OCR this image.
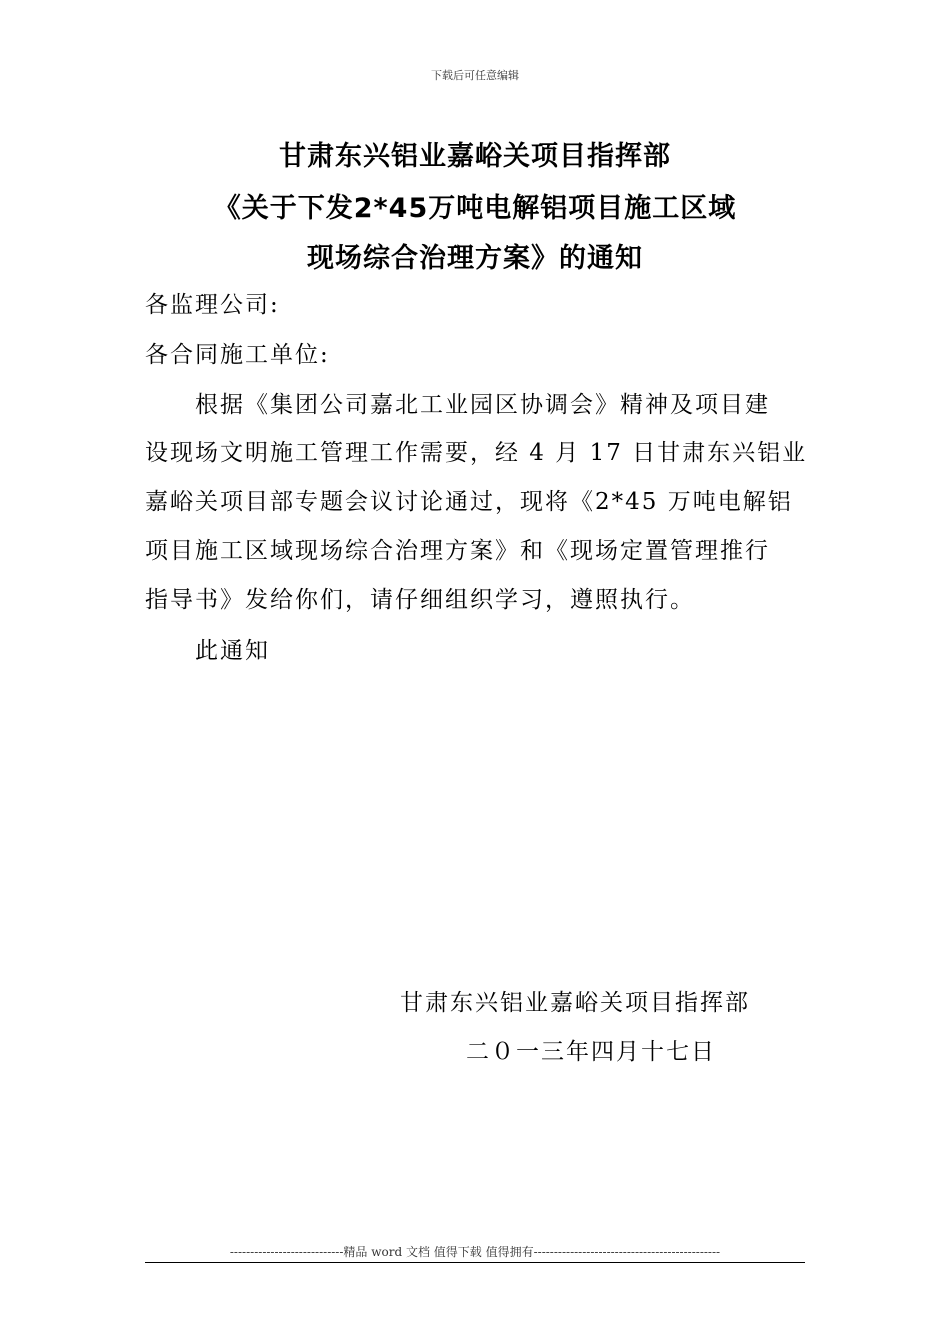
下载后可任意编辑
甘肃东兴铝业嘉峪关项目指挥部
《关于下发2*45万吨电解铝项目施工区域
现场综合治理方案》的通知
各监理公司:
各合同施工单位:
根据《集团公司嘉北工业园区协调会》精神及项目建
设现场文明施工管理工作需要，经 4 月 17 日甘肃东兴铝业
嘉峪关项目部专题会议讨论通过，现将《2*45 万吨电解铝
项目施工区域现场综合治理方案》和《现场定置管理推行
指导书》发给你们，请仔细组织学习，遵照执行。
此通知
甘肃东兴铝业嘉峪关项目指挥部
二０一三年四月十七日
----------------------------精品 word 文档 值得下载 值得拥有----------------------------------------------
